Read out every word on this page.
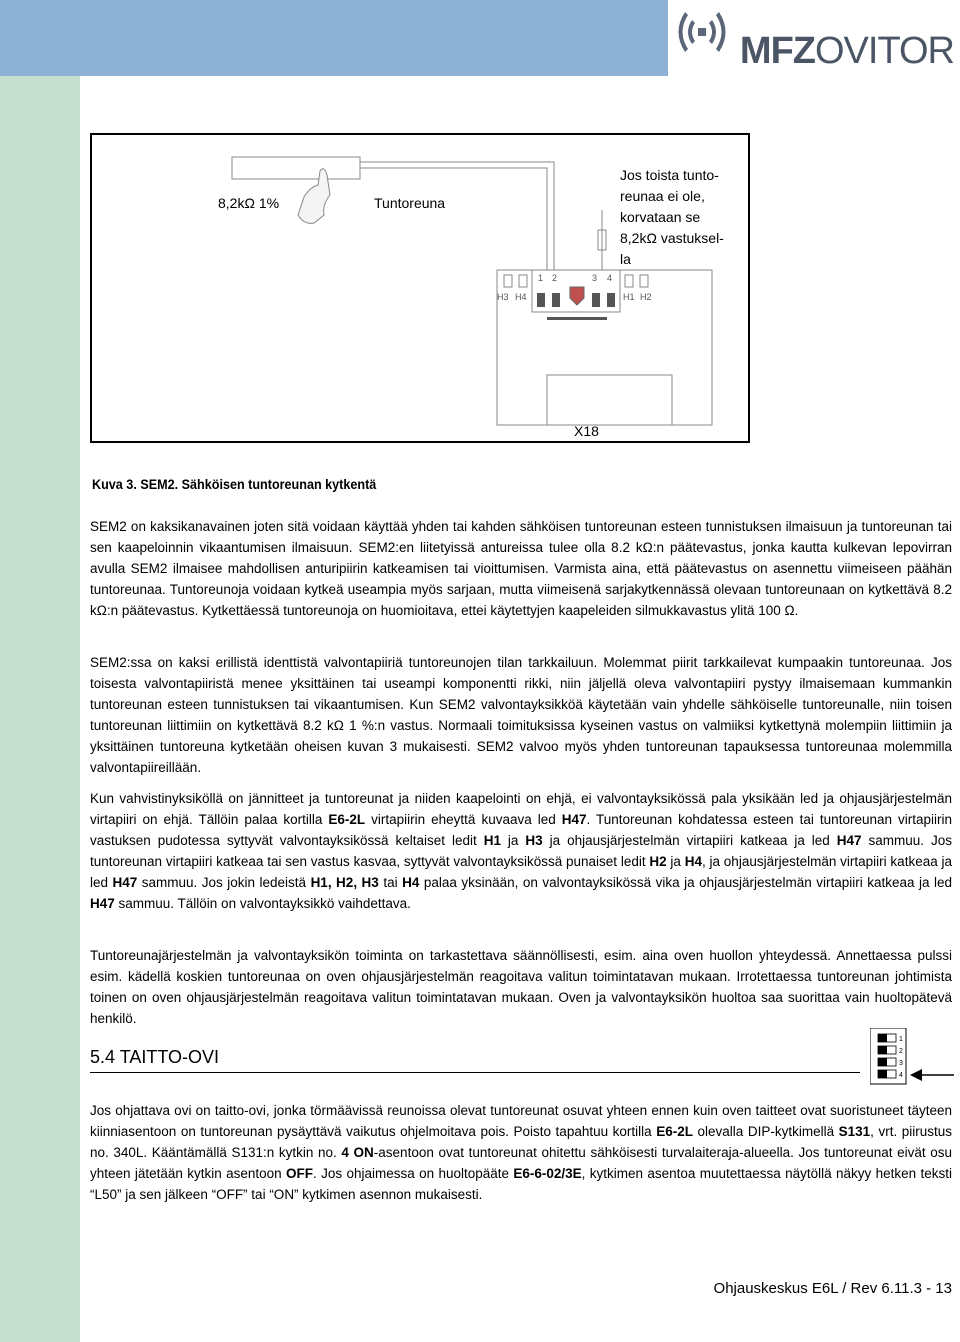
MFZOVITOR
1 2	3 4
H3 H4	H1 H2
8,2kΩ 1%	Tuntoreuna
Jos toista tunto-
reunaa ei ole,
korvataan se
8,2kΩ vastuksel-
la
X18
Kuva 3. SEM2. Sähköisen tuntoreunan kytkentä

SEM2 on kaksikanavainen joten sitä voidaan käyttää yhden tai kahden sähköisen tuntoreunan esteen tunnistuksen ilmaisuun ja tuntoreunan tai sen kaapeloinnin vikaantumisen ilmaisuun. SEM2:en liitetyissä antureissa tulee olla 8.2 kΩ:n päätevastus, jonka kautta kulkevan lepovirran avulla SEM2 ilmaisee mahdollisen anturipiirin katkeamisen tai vioittumisen. Varmista aina, että päätevastus on asennettu viimeiseen päähän tuntoreunaa. Tuntoreunoja voidaan kytkeä useampia myös sarjaan, mutta viimeisenä sarjakytkennässä olevaan tuntoreunaan on kytkettävä 8.2 kΩ:n päätevastus. Kytkettäessä tuntoreunoja on huomioitava, ettei käytettyjen kaapeleiden silmukkavastus ylitä 100 Ω.

SEM2:ssa on kaksi erillistä identtistä valvontapiiriä tuntoreunojen tilan tarkkailuun. Molemmat piirit tarkkailevat kumpaakin tuntoreunaa. Jos toisesta valvontapiiristä menee yksittäinen tai useampi komponentti rikki, niin jäljellä oleva valvontapiiri pystyy ilmaisemaan kummankin tuntoreunan esteen tunnistuksen tai vikaantumisen. Kun SEM2 valvontayksikköä käytetään vain yhdelle sähköiselle tuntoreunalle, niin toisen tuntoreunan liittimiin on kytkettävä 8.2 kΩ 1 %:n vastus. Normaali toimituksissa kyseinen vastus on valmiiksi kytkettynä molempiin liittimiin ja yksittäinen tuntoreuna kytketään oheisen kuvan 3 mukaisesti. SEM2 valvoo myös yhden tuntoreunan tapauksessa tuntoreunaa molemmilla valvontapiireillään.

Kun vahvistinyksiköllä on jännitteet ja tuntoreunat ja niiden kaapelointi on ehjä, ei valvontayksikössä pala yksikään led ja ohjausjärjestelmän virtapiiri on ehjä. Tällöin palaa kortilla E6-2L virtapiirin eheyttä kuvaava led H47. Tuntoreunan kohdatessa esteen tai tuntoreunan virtapiirin vastuksen pudotessa syttyvät valvontayksikössä keltaiset ledit H1 ja H3 ja ohjausjärjestelmän virtapiiri katkeaa ja led H47 sammuu. Jos tuntoreunan virtapiiri katkeaa tai sen vastus kasvaa, syttyvät valvontayksikössä punaiset ledit H2 ja H4, ja ohjausjärjestelmän virtapiiri katkeaa ja led H47 sammuu. Jos jokin ledeistä H1, H2, H3 tai H4 palaa yksinään, on valvontayksikössä vika ja ohjausjärjestelmän virtapiiri katkeaa ja led H47 sammuu. Tällöin on valvontayksikkö vaihdettava.

Tuntoreunajärjestelmän ja valvontayksikön toiminta on tarkastettava säännöllisesti, esim. aina oven huollon yhteydessä. Annettaessa pulssi esim. kädellä koskien tuntoreunaa on oven ohjausjärjestelmän reagoitava valitun toimintatavan mukaan. Irrotettaessa tuntoreunan johtimista toinen on oven ohjausjärjestelmän reagoitava valitun toimintatavan mukaan. Oven ja valvontayksikön huoltoa saa suorittaa vain huoltopätevä henkilö.

5.4 TAITTO-OVI
1
2
3
4

Jos ohjattava ovi on taitto-ovi, jonka törmäävissä reunoissa olevat tuntoreunat osuvat yhteen ennen kuin oven taitteet ovat suoristuneet täyteen kiinniasentoon on tuntoreunan pysäyttävä vaikutus ohjelmoitava pois. Poisto tapahtuu kortilla E6-2L olevalla DIP-kytkimellä S131, vrt. piirustus no. 340L. Kääntämällä S131:n kytkin no. 4 ON-asentoon ovat tuntoreunat ohitettu sähköisesti turvalaiteraja-alueella. Jos tuntoreunat eivät osu yhteen jätetään kytkin asentoon OFF. Jos ohjaimessa on huoltopääte E6-6-02/3E, kytkimen asentoa muutettaessa näytöllä näkyy hetken teksti “L50” ja sen jälkeen “OFF” tai “ON” kytkimen asennon mukaisesti.

Ohjauskeskus E6L / Rev 6.11.3 - 13
